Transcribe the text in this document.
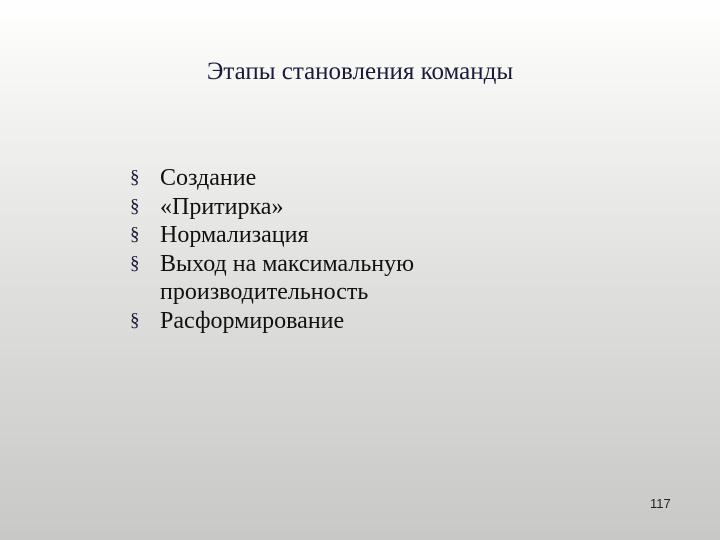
Этапы становления команды
§ Создание
§ «Притирка»
§ Нормализация
§ Выход на максимальную производительность
§ Расформирование
117
